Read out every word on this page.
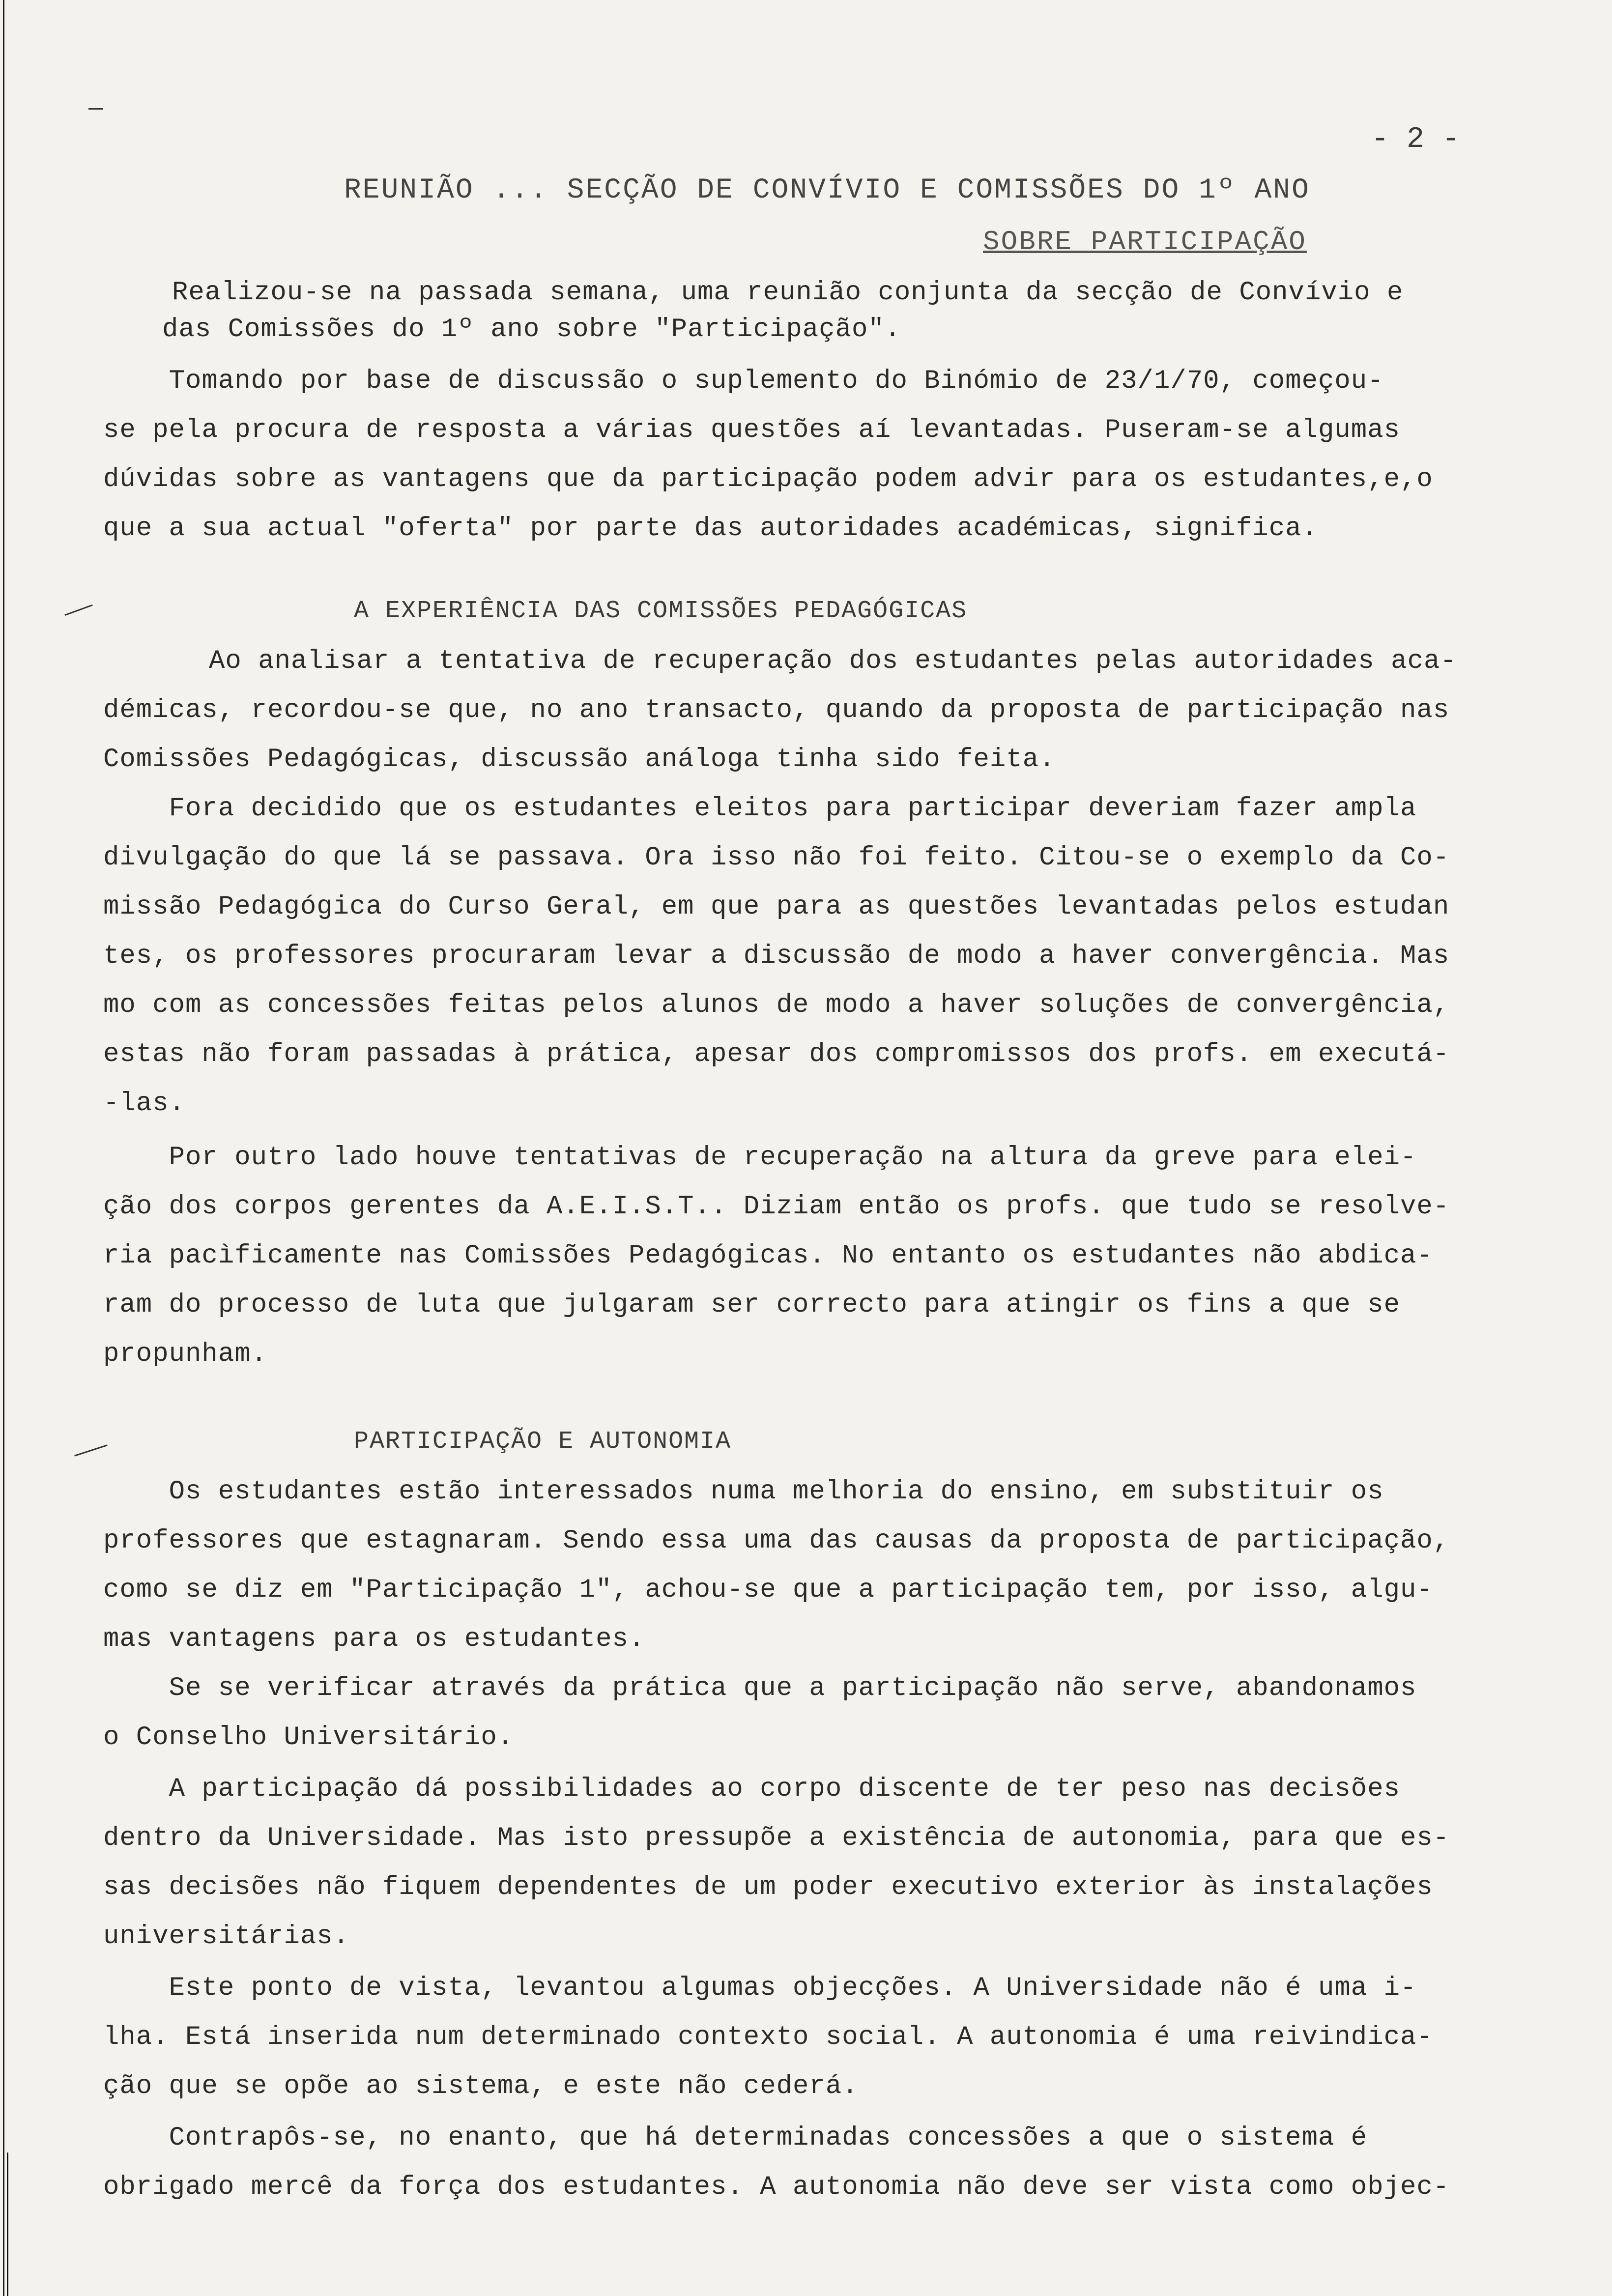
- 2 -
REUNIÃO ... SECÇÃO DE CONVÍVIO E COMISSÕES DO 1º ANO
SOBRE PARTICIPAÇÃO
Realizou-se na passada semana, uma reunião conjunta da secção de Convívio e
das Comissões do 1º ano sobre "Participação".
Tomando por base de discussão o suplemento do Binómio de 23/1/70, começou-
se pela procura de resposta a várias questões aí levantadas. Puseram-se algumas
dúvidas sobre as vantagens que da participação podem advir para os estudantes,e,o
que a sua actual "oferta" por parte das autoridades académicas, significa.
A EXPERIÊNCIA DAS COMISSÕES PEDAGÓGICAS
Ao analisar a tentativa de recuperação dos estudantes pelas autoridades aca-
démicas, recordou-se que, no ano transacto, quando da proposta de participação nas
Comissões Pedagógicas, discussão análoga tinha sido feita.
Fora decidido que os estudantes eleitos para participar deveriam fazer ampla
divulgação do que lá se passava. Ora isso não foi feito. Citou-se o exemplo da Co-
missão Pedagógica do Curso Geral, em que para as questões levantadas pelos estudan
tes, os professores procuraram levar a discussão de modo a haver convergência. Mas
mo com as concessões feitas pelos alunos de modo a haver soluções de convergência,
estas não foram passadas à prática, apesar dos compromissos dos profs. em executá-
-las.
Por outro lado houve tentativas de recuperação na altura da greve para elei-
ção dos corpos gerentes da A.E.I.S.T.. Diziam então os profs. que tudo se resolve-
ria pacìficamente nas Comissões Pedagógicas. No entanto os estudantes não abdica-
ram do processo de luta que julgaram ser correcto para atingir os fins a que se
propunham.
PARTICIPAÇÃO E AUTONOMIA
Os estudantes estão interessados numa melhoria do ensino, em substituir os
professores que estagnaram. Sendo essa uma das causas da proposta de participação,
como se diz em "Participação 1", achou-se que a participação tem, por isso, algu-
mas vantagens para os estudantes.
Se se verificar através da prática que a participação não serve, abandonamos
o Conselho Universitário.
A participação dá possibilidades ao corpo discente de ter peso nas decisões
dentro da Universidade. Mas isto pressupõe a existência de autonomia, para que es-
sas decisões não fiquem dependentes de um poder executivo exterior às instalações
universitárias.
Este ponto de vista, levantou algumas objecções. A Universidade não é uma i-
lha. Está inserida num determinado contexto social. A autonomia é uma reivindica-
ção que se opõe ao sistema, e este não cederá.
Contrapôs-se, no enanto, que há determinadas concessões a que o sistema é
obrigado mercê da força dos estudantes. A autonomia não deve ser vista como objec-
